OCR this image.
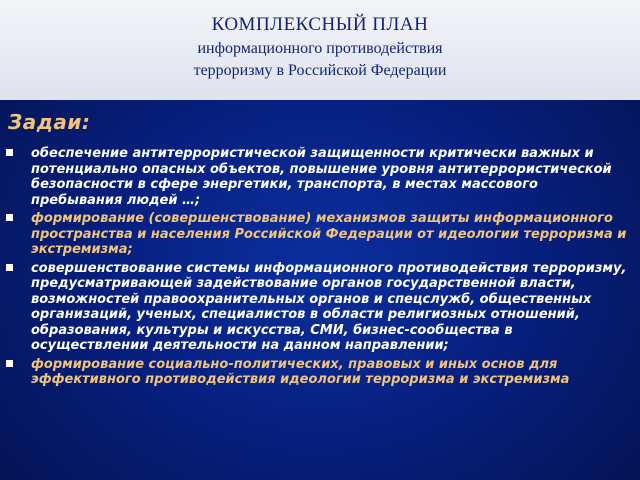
КОМПЛЕКСНЫЙ ПЛАН
информационного противодействия
терроризму в Российской Федерации
Задаи:
обеспечение антитеррористической защищенности критически важных и потенциально опасных объектов, повышение уровня антитеррористической безопасности в сфере энергетики, транспорта, в местах массового пребывания людей …;
формирование (совершенствование) механизмов защиты информационного пространства и населения Российской Федерации от идеологии терроризма и экстремизма;
совершенствование системы информационного противодействия терроризму, предусматривающей задействование органов государственной власти, возможностей правоохранительных органов и спецслужб, общественных организаций, ученых, специалистов в области религиозных отношений, образования, культуры и искусства, СМИ, бизнес-сообщества в осуществлении деятельности на данном направлении;
формирование социально-политических, правовых и иных основ для эффективного противодействия идеологии терроризма и экстремизма
